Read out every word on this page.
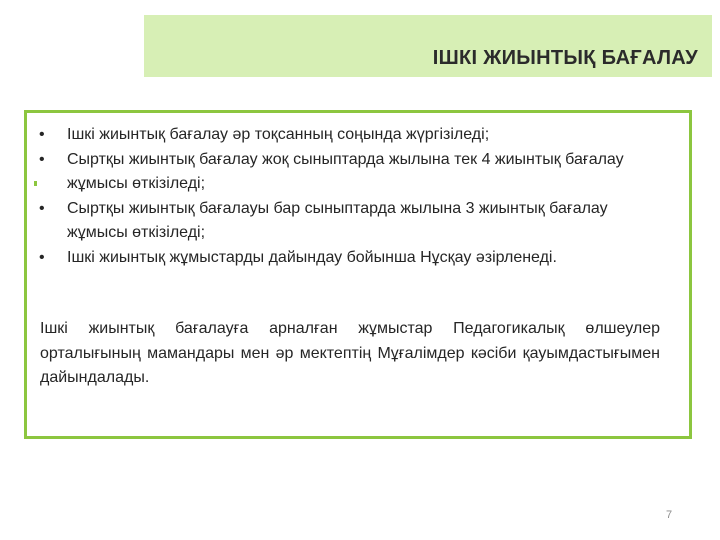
ІШКІ ЖИЫНТЫҚ БАҒАЛАУ
• Ішкі жиынтық бағалау әр тоқсанның соңында жүргізіледі;
• Сыртқы жиынтық бағалау жоқ сыныптарда жылына тек 4 жиынтық бағалау жұмысы өткізіледі;
• Сыртқы жиынтық бағалауы бар сыныптарда жылына 3 жиынтық бағалау жұмысы өткізіледі;
• Ішкі жиынтық жұмыстарды дайындау бойынша Нұсқау әзірленеді.

Ішкі жиынтық бағалауға арналған жұмыстар Педагогикалық өлшеулер орталығының мамандары мен әр мектептің Мұғалімдер кәсіби қауымдастығымен дайындалады.

7
